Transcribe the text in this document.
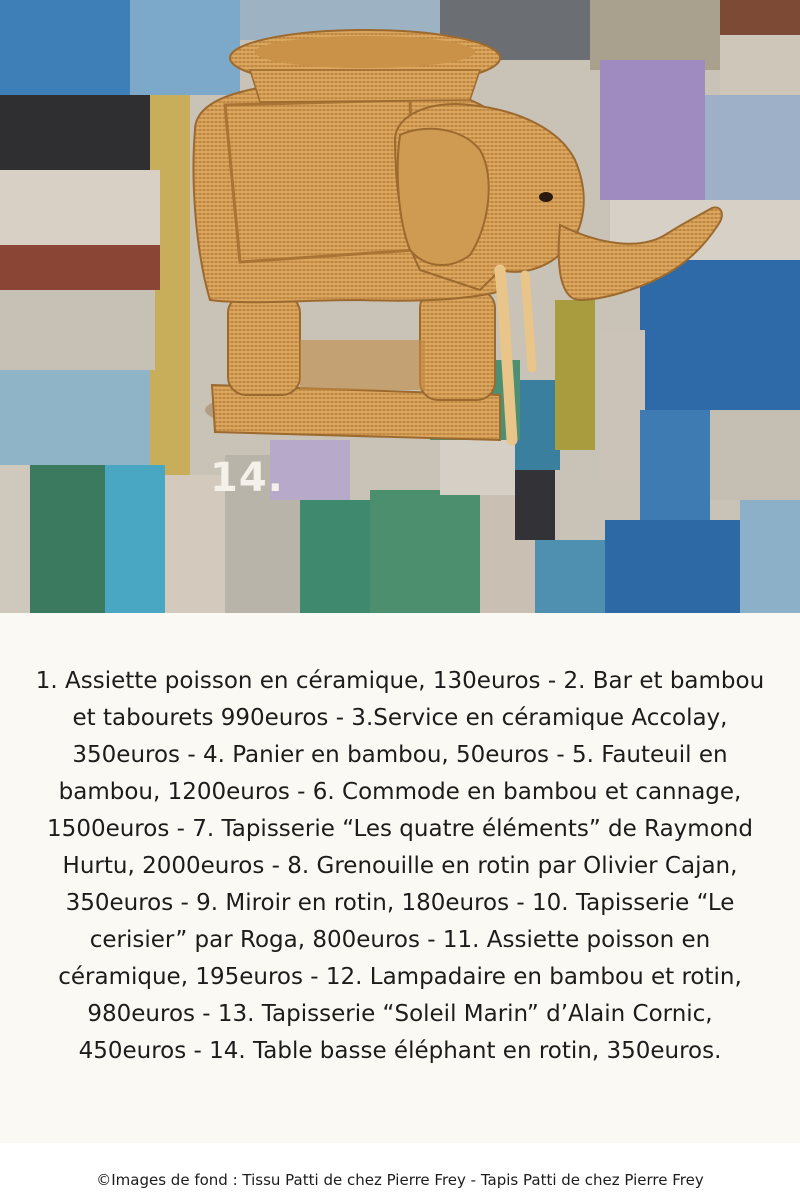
14.

1. Assiette poisson en céramique, 130euros - 2. Bar et bambou et tabourets 990euros - 3.Service en céramique Accolay, 350euros - 4. Panier en bambou, 50euros - 5. Fauteuil en bambou, 1200euros - 6. Commode en bambou et cannage, 1500euros - 7. Tapisserie “Les quatre éléments” de Raymond Hurtu, 2000euros - 8. Grenouille en rotin par Olivier Cajan, 350euros - 9. Miroir en rotin, 180euros - 10. Tapisserie “Le cerisier” par Roga, 800euros - 11. Assiette poisson en céramique, 195euros - 12. Lampadaire en bambou et rotin, 980euros - 13. Tapisserie “Soleil Marin” d’Alain Cornic, 450euros - 14. Table basse éléphant en rotin, 350euros.

©Images de fond : Tissu Patti de chez Pierre Frey - Tapis Patti de chez Pierre Frey
